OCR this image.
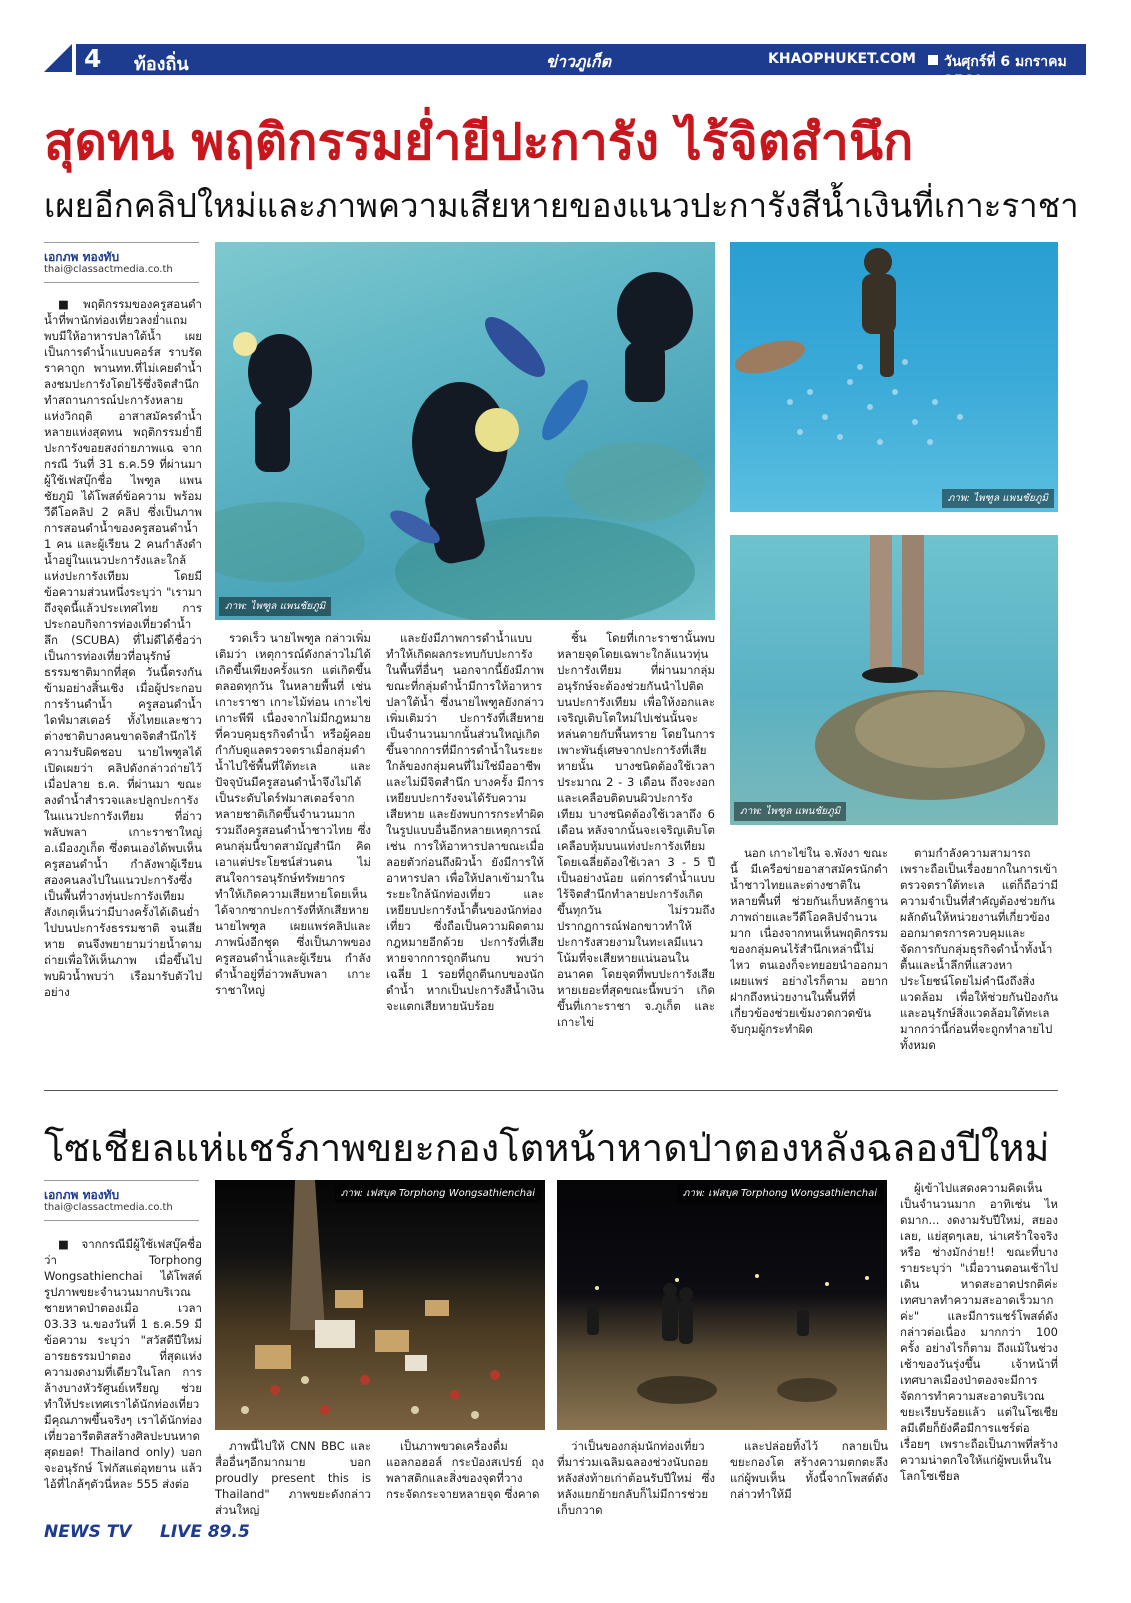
4 ท้องถิ่น	ข่าวภูเก็ต	KHAOPHUKET.COM วันศุกร์ที่ 6 มกราคม 2560
สุดทน พฤติกรรมย่ำยีปะการัง ไร้จิตสำนึก
เผยอีกคลิปใหม่และภาพความเสียหายของแนวปะการังสีน้ำเงินที่เกาะราชา
เอกภพ ทองทับ
thai@classactmedia.co.th
ภาพ: ไพฑูล แพนชัยภูมิ
ภาพ: ไพฑูล แพนชัยภูมิ
ภาพ: ไพฑูล แพนชัยภูมิ

■ พฤติกรรมของครูสอนดำน้ำที่พานักท่องเที่ยวลงย่ำแถมพบมีให้อาหารปลาใต้น้ำ เผยเป็นการดำน้ำแบบคอร์ส ราบรัดราคาถูก พานทท.ที่ไม่เคยดำน้ำ ลงชมปะการังโดยไร้ซึ่งจิตสำนึก ทำสถานการณ์ปะการังหลายแห่งวิกฤติ อาสาสมัครดำน้ำหลายแห่งสุดทน พฤติกรรมย่ำยีปะการังขอยสงถ่ายภาพแฉ จากกรณี วันที่ 31 ธ.ค.59 ที่ผ่านมาผู้ใช้เฟสบุ๊กชื่อ ไพฑูล แพนชัยภูมิ ได้โพสต์ข้อความ พร้อมวีดีโอคลิป 2 คลิป ซึ่งเป็นภาพการสอนดำน้ำของครูสอนดำน้ำ 1 คน และผู้เรียน 2 คนกำลังดำน้ำอยู่ในแนวปะการังและใกล้แห่งปะการังเทียม โดยมีข้อความส่วนหนึ่งระบุว่า "เรามาถึงจุดนี้แล้วประเทศไทย การประกอบกิจการท่องเที่ยวดำน้ำลึก (SCUBA) ที่ไม่ดีได้ชื่อว่าเป็นการท่องเที่ยวที่อนุรักษ์ธรรมชาติมากที่สุด วันนี้ตรงกันข้ามอย่างสิ้นเชิง เมื่อผู้ประกอบการร้านดำน้ำ ครูสอนดำน้ำ ไดฟ์มาสเตอร์ ทั้งไทยและชาวต่างชาติบางคนขาดจิตสำนึกไร้ความรับผิดชอบ นายไพฑูลได้เปิดเผยว่า คลิปดังกล่าวถ่ายไว้เมื่อปลาย ธ.ค. ที่ผ่านมา ขณะลงดำน้ำสำรวจและปลูกปะการังในแนวปะการังเทียม ที่อ่าวพลับพลา เกาะราชาใหญ่ อ.เมืองภูเก็ต ซึ่งตนเองได้พบเห็นครูสอนดำน้ำ กำลังพาผู้เรียนสองคนลงไปในแนวปะการังซึ่งเป็นพื้นที่วางทุ่นปะการังเทียม สังเกตุเห็นว่ามีบางครั้งได้เดินย่ำไปบนปะการังธรรมชาติ จนเสียหาย ตนจึงพยายามว่ายน้ำตามถ่ายเพื่อให้เห็นภาพ เมื่อขึ้นไปพบผิวน้ำพบว่า เรือมารับตัวไปอย่าง

รวดเร็ว นายไพฑูล กล่าวเพิ่มเติมว่า เหตุการณ์ดังกล่าวไม่ได้เกิดขึ้นเพียงครั้งแรก แต่เกิดขึ้นตลอดทุกวัน ในหลายพื้นที่ เช่น เกาะราชา เกาะไม้ท่อน เกาะไข่ เกาะพีพี เนื่องจากไม่มีกฎหมายที่ควบคุมธุรกิจดำน้ำ หรือผู้คอยกำกับดูแลตรวจตราเมื่อกลุ่มดำน้ำไปใช้พื้นที่ใต้ทะเล และปัจจุบันมีครูสอนดำน้ำจึงไม่ได้เป็นระดับไดร์ฟมาสเตอร์จากหลายชาติเกิดขึ้นจำนวนมาก รวมถึงครูสอนดำน้ำชาวไทย ซึ่งคนกลุ่มนี้ขาดสามัญสำนึก คิดเอาแต่ประโยชน์ส่วนตน ไม่สนใจการอนุรักษ์ทรัพยากรทำให้เกิดความเสียหายโดยเห็นได้จากซากปะการังที่หักเสียหาย นายไพฑูล เผยแพร่คลิปและภาพนิ่งอีกชุด ซึ่งเป็นภาพของครูสอนดำน้ำและผู้เรียน กำลังดำน้ำอยู่ที่อ่าวพลับพลา เกาะราชาใหญ่

และยังมีภาพการดำน้ำแบบทำให้เกิดผลกระทบกับปะการังในพื้นที่อื่นๆ นอกจากนี้ยังมีภาพขณะที่กลุ่มดำน้ำมีการให้อาหารปลาใต้น้ำ ซึ่งนายไพฑูลยังกล่าวเพิ่มเติมว่า ปะการังที่เสียหายเป็นจำนวนมากนั้นส่วนใหญ่เกิดขึ้นจากการที่มีการดำน้ำในระยะใกล้ของกลุ่มคนที่ไม่ใช่มืออาชีพ และไม่มีจิตสำนึก บางครั้ง มีการเหยียบปะการังจนได้รับความเสียหาย และยังพบการกระทำผิดในรูปแบบอื่นอีกหลายเหตุการณ์เช่น การให้อาหารปลาขณะเมื่อลอยตัวก่อนถึงผิวน้ำ ยังมีการให้อาหารปลา เพื่อให้ปลาเข้ามาในระยะใกล้นักท่องเที่ยว และเหยียบปะการังน้ำตื้นของนักท่องเที่ยว ซึ่งถือเป็นความผิดตามกฎหมายอีกด้วย ปะการังที่เสียหายจากการถูกตีนกบ พบว่าเฉลี่ย 1 รอยที่ถูกตีนกบของนักดำน้ำ หากเป็นปะการังสีน้ำเงิน จะแตกเสียหายนับร้อย

ชิ้น โดยที่เกาะราชานั้นพบหลายจุดโดยเฉพาะใกล้แนวทุ่นปะการังเทียม ที่ผ่านมากลุ่มอนุรักษ์จะต้องช่วยกันนำไปติดบนปะการังเทียม เพื่อให้งอกและเจริญเติบโตใหม่ไปเช่นนั้นจะหล่นตายกับพื้นทราย โดยในการเพาะพันธุ์เศษจากปะการังที่เสียหายนั้น บางชนิดต้องใช้เวลาประมาณ 2 - 3 เดือน ถึงจะงอกและเคลือบติดบนผิวปะการังเทียม บางชนิดต้องใช้เวลาถึง 6 เดือน หลังจากนั้นจะเจริญเติบโตเคลือบหุ้มบนแท่งปะการังเทียม โดยเฉลี่ยต้องใช้เวลา 3 - 5 ปีเป็นอย่างน้อย แต่การดำน้ำแบบไร้จิตสำนึกทำลายปะการังเกิดขึ้นทุกวัน ไม่รวมถึงปรากฏการณ์ฟอกขาวทำให้ปะการังสวยงามในทะเลมีแนวโน้มที่จะเสียหายแน่นอนในอนาคต โดยจุดที่พบปะการังเสียหายเยอะที่สุดขณะนี้พบว่า เกิดขึ้นที่เกาะราชา จ.ภูเก็ต และเกาะไข่

นอก เกาะไข่ใน จ.พังงา ขณะนี้ มีเครือข่ายอาสาสมัครนักดำน้ำชาวไทยและต่างชาติในหลายพื้นที่ ช่วยกันเก็บหลักฐานภาพถ่ายและวีดีโอคลิปจำนวนมาก เนื่องจากทนเห็นพฤติกรรมของกลุ่มคนไร้สำนึกเหล่านี้ไม่ไหว ตนเองก็จะทยอยนำออกมาเผยแพร่ อย่างไรก็ตาม อยากฝากถึงหน่วยงานในพื้นที่ที่เกี่ยวข้องช่วยเข้มงวดกวดขัน จับกุมผู้กระทำผิด

ตามกำลังความสามารถ เพราะถือเป็นเรื่องยากในการเข้าตรวจตราใต้ทะเล แต่ก็ถือว่ามีความจำเป็นที่สำคัญต้องช่วยกันผลักดันให้หน่วยงานที่เกี่ยวข้องออกมาตรการควบคุมและจัดการกับกลุ่มธุรกิจดำน้ำทั้งน้ำตื้นและน้ำลึกที่แสวงหาประโยชน์โดยไม่คำนึงถึงสิ่งแวดล้อม เพื่อให้ช่วยกันป้องกันและอนุรักษ์สิ่งแวดล้อมใต้ทะเลมากกว่านี้ก่อนที่จะถูกทำลายไปทั้งหมด

โซเชียลแห่แชร์ภาพขยะกองโตหน้าหาดป่าตองหลังฉลองปีใหม่
เอกภพ ทองทับ
thai@classactmedia.co.th
ภาพ: เฟสบุค Torphong Wongsathienchai	ภาพ: เฟสบุค Torphong Wongsathienchai

■ จากกรณีมีผู้ใช้เฟสบุ๊คชื่อว่า Torphong Wongsathienchai ได้โพสต์รูปภาพขยะจำนวนมากบริเวณชายหาดป่าตองเมื่อ เวลา 03.33 น.ของวันที่ 1 ธ.ค.59 มีข้อความ ระบุว่า "สวัสดีปีใหม่ อารยธรรมป่าตอง ที่สุดแห่งความงดงามที่เดียวในโลก การล้างบางหัวรัศูนย์เหรียญ ช่วยทำให้ประเทศเราได้นักท่องเที่ยวมีคุณภาพขึ้นจริงๆ เราได้นักท่องเที่ยวอารีตติสสร้างศิลปะบนหาด สุดยอด! Thailand only) บอกจะอนุรักษ์ โฟกัสแต่อุทยาน แล้วไอ้ที่ไกล้ๆตัวนี่หละ 555 ส่งต่อ

ภาพนี้ไปให้ CNN BBC และสื่ออื่นๆอีกมากมาย บอก proudly present this is Thailand" ภาพขยะดังกล่าว ส่วนใหญ่

เป็นภาพขวดเครื่องดื่มแอลกอฮอล์ กระป๋องสเปรย์ ถุงพลาสติกและสิ่งของจุดที่วางกระจัดกระจายหลายจุด ซึ่งคาด

ว่าเป็นของกลุ่มนักท่องเที่ยวที่มาร่วมเฉลิมฉลองช่วงนับถอยหลังส่งท้ายเก่าต้อนรับปีใหม่ ซึ่งหลังแยกย้ายกลับก็ไม่มีการช่วยเก็บกวาด

และปล่อยทิ้งไว้ กลายเป็นขยะกองโต สร้างความตกตะลึงแก่ผู้พบเห็น ทั้งนี้จากโพสต์ดังกล่าวทำให้มี

ผู้เข้าไปแสดงความคิดเห็นเป็นจำนวนมาก อาทิเช่น ไหดมาก... งดงามรับปีใหม่, สยองเลย, แย่สุดๆเลย, น่าเศร้าใจจริง หรือ ช่างมักง่าย!! ขณะที่บางรายระบุว่า "เมื่อวานตอนเช้าไปเดิน หาดสะอาดปรกติค่ะ เทศบาลทำความสะอาดเร็วมากค่ะ" และมีการแชร์โพสต์ดังกล่าวต่อเนื่อง มากกว่า 100 ครั้ง อย่างไรก็ตาม ถึงแม้ในช่วงเช้าของวันรุ่งขึ้น เจ้าหน้าที่เทศบาลเมืองป่าตองจะมีการจัดการทำความสะอาดบริเวณขยะเรียบร้อยแล้ว แต่ในโซเชียลมีเดียก็ยังคือมีการแชร์ต่อเรื่อยๆ เพราะถือเป็นภาพที่สร้างความน่าตกใจให้แก่ผู้พบเห็นในโลกโซเชียล

NEWS TV LIVE 89.5
